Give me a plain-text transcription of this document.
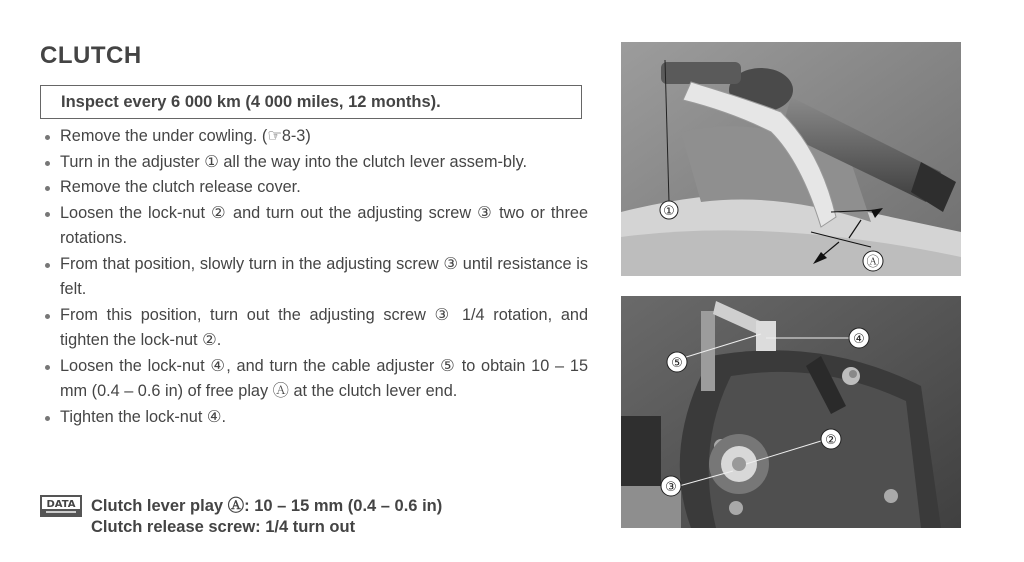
CLUTCH
Inspect every 6 000 km (4 000 miles, 12 months).
Remove the under cowling. (☞8-3)
Turn in the adjuster ① all the way into the clutch lever assem-bly.
Remove the clutch release cover.
Loosen the lock-nut ② and turn out the adjusting screw ③ two or three rotations.
From that position, slowly turn in the adjusting screw ③ until resistance is felt.
From this position, turn out the adjusting screw ③ 1/4 rotation, and tighten the lock-nut ②.
Loosen the lock-nut ④, and turn the cable adjuster ⑤ to obtain 10 – 15 mm (0.4 – 0.6 in) of free play Ⓐ at the clutch lever end.
Tighten the lock-nut ④.
DATA Clutch lever play Ⓐ: 10 – 15 mm (0.4 – 0.6 in)
Clutch release screw: 1/4 turn out
①
Ⓐ
④
⑤
②
③
